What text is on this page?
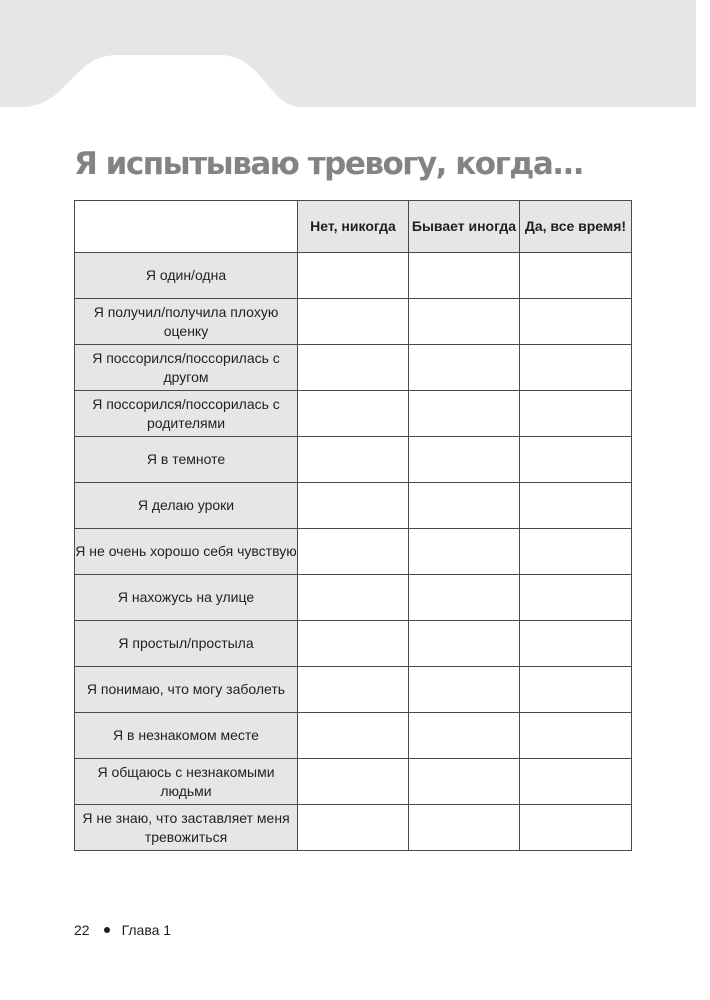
Я испытываю тревогу, когда...
	Нет, никогда	Бывает иногда	Да, все время!
Я один/одна			
Я получил/получила плохую оценку			
Я поссорился/поссорилась с другом			
Я поссорился/поссорилась с родителями			
Я в темноте			
Я делаю уроки			
Я не очень хорошо себя чувствую			
Я нахожусь на улице			
Я простыл/простыла			
Я понимаю, что могу заболеть			
Я в незнакомом месте			
Я общаюсь с незнакомыми людьми			
Я не знаю, что заставляет меня тревожиться			
22 Глава 1
